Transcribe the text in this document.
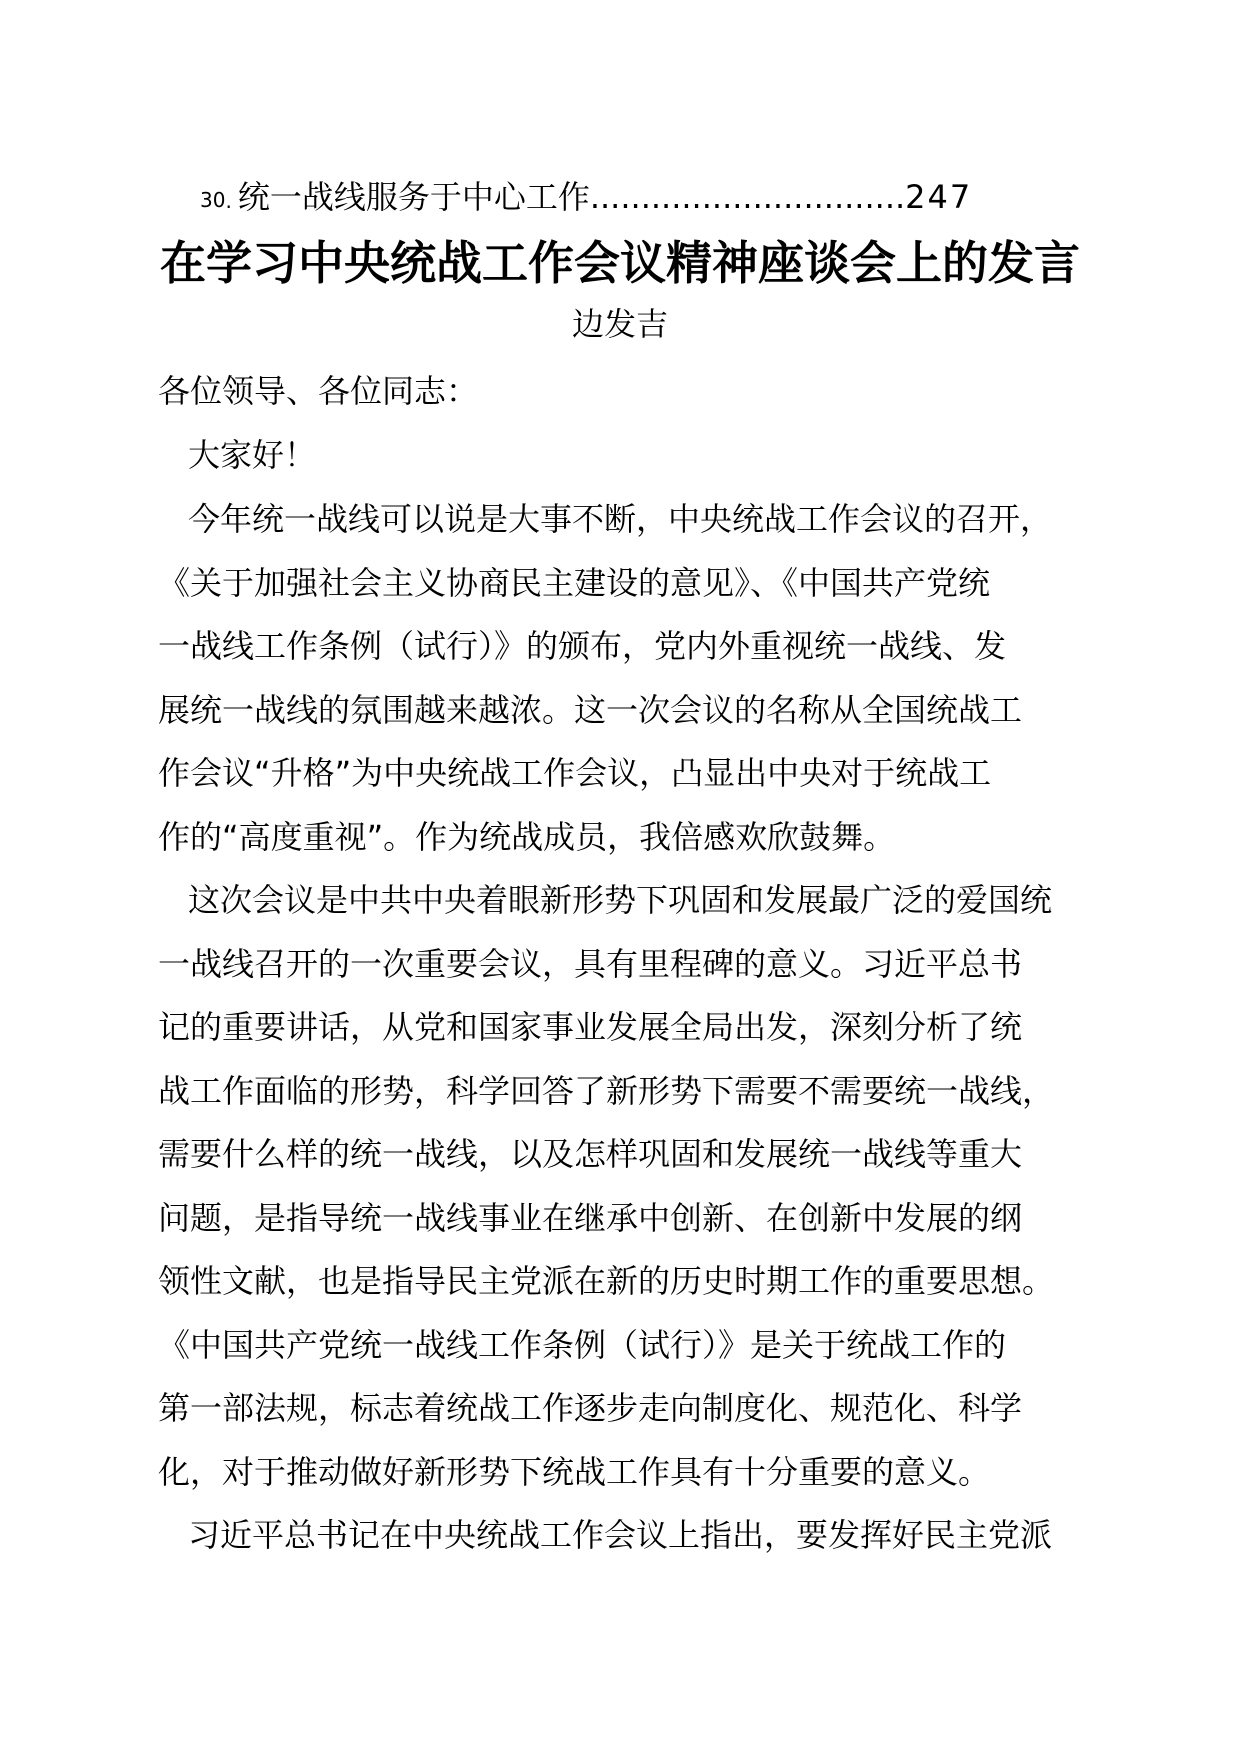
30. 统一战线服务于中心工作...............................247
在学习中央统战工作会议精神座谈会上的发言
边发吉
各位领导、各位同志：
大家好！
今年统一战线可以说是大事不断，中央统战工作会议的召开，
《关于加强社会主义协商民主建设的意见》、《中国共产党统
一战线工作条例（试行）》的颁布，党内外重视统一战线、发
展统一战线的氛围越来越浓。这一次会议的名称从全国统战工
作会议“升格”为中央统战工作会议，凸显出中央对于统战工
作的“高度重视”。作为统战成员，我倍感欢欣鼓舞。
这次会议是中共中央着眼新形势下巩固和发展最广泛的爱国统
一战线召开的一次重要会议，具有里程碑的意义。习近平总书
记的重要讲话，从党和国家事业发展全局出发，深刻分析了统
战工作面临的形势，科学回答了新形势下需要不需要统一战线，
需要什么样的统一战线，以及怎样巩固和发展统一战线等重大
问题，是指导统一战线事业在继承中创新、在创新中发展的纲
领性文献，也是指导民主党派在新的历史时期工作的重要思想。
《中国共产党统一战线工作条例（试行）》是关于统战工作的
第一部法规，标志着统战工作逐步走向制度化、规范化、科学
化，对于推动做好新形势下统战工作具有十分重要的意义。
习近平总书记在中央统战工作会议上指出，要发挥好民主党派
